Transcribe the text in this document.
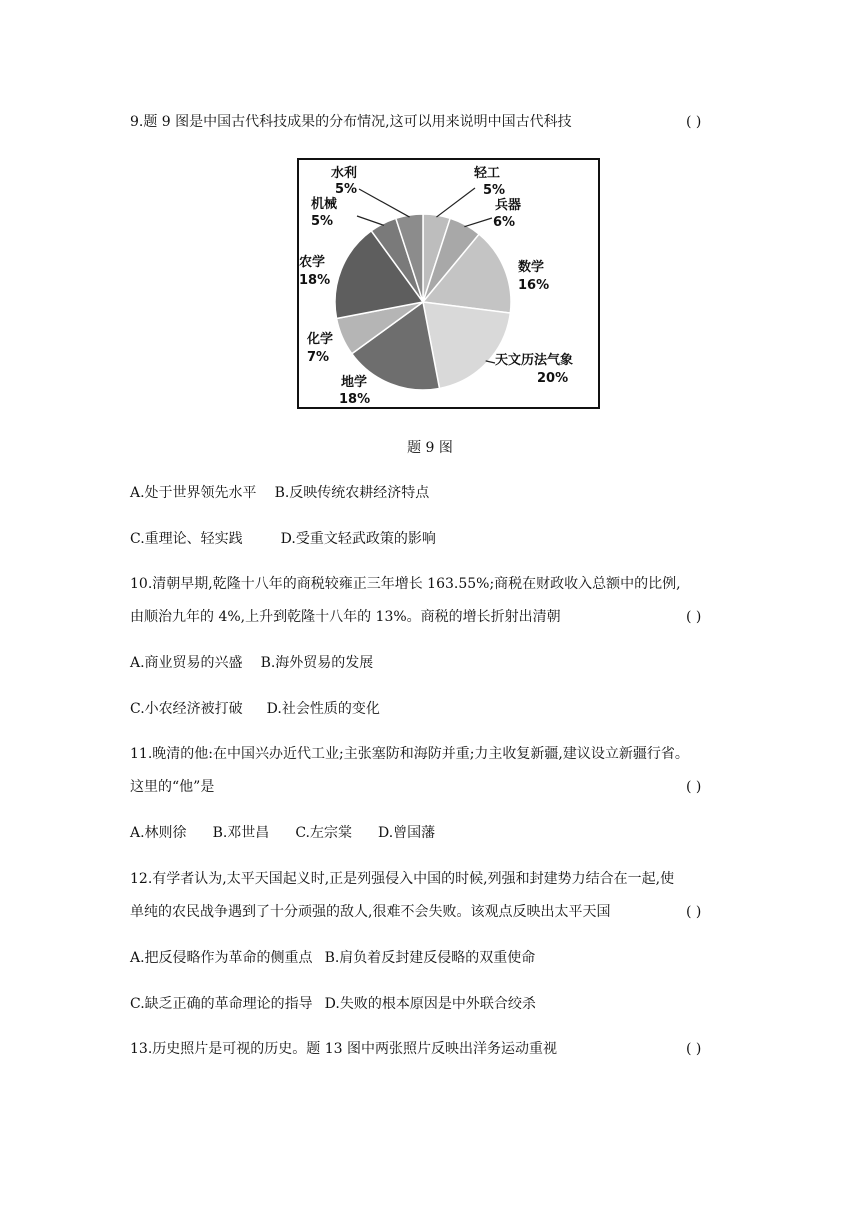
9.题 9 图是中国古代科技成果的分布情况,这可以用来说明中国古代科技	( )
轻工
5%
兵器
6%
数学
16%
天文历法气象
20%
地学
18%
化学
7%
农学
18%
机械
5%
水利
5%
题 9 图
A.处于世界领先水平 B.反映传统农耕经济特点
C.重理论、轻实践	D.受重文轻武政策的影响
10.清朝早期,乾隆十八年的商税较雍正三年增长 163.55%;商税在财政收入总额中的比例,
由顺治九年的 4%,上升到乾隆十八年的 13%。商税的增长折射出清朝	( )
A.商业贸易的兴盛 B.海外贸易的发展
C.小农经济被打破 D.社会性质的变化
11.晚清的他:在中国兴办近代工业;主张塞防和海防并重;力主收复新疆,建议设立新疆行省。
这里的“他”是	( )
A.林则徐 B.邓世昌 C.左宗棠 D.曾国藩
12.有学者认为,太平天国起义时,正是列强侵入中国的时候,列强和封建势力结合在一起,使
单纯的农民战争遇到了十分顽强的敌人,很难不会失败。该观点反映出太平天国	( )
A.把反侵略作为革命的侧重点 B.肩负着反封建反侵略的双重使命
C.缺乏正确的革命理论的指导 D.失败的根本原因是中外联合绞杀
13.历史照片是可视的历史。题 13 图中两张照片反映出洋务运动重视	( )
